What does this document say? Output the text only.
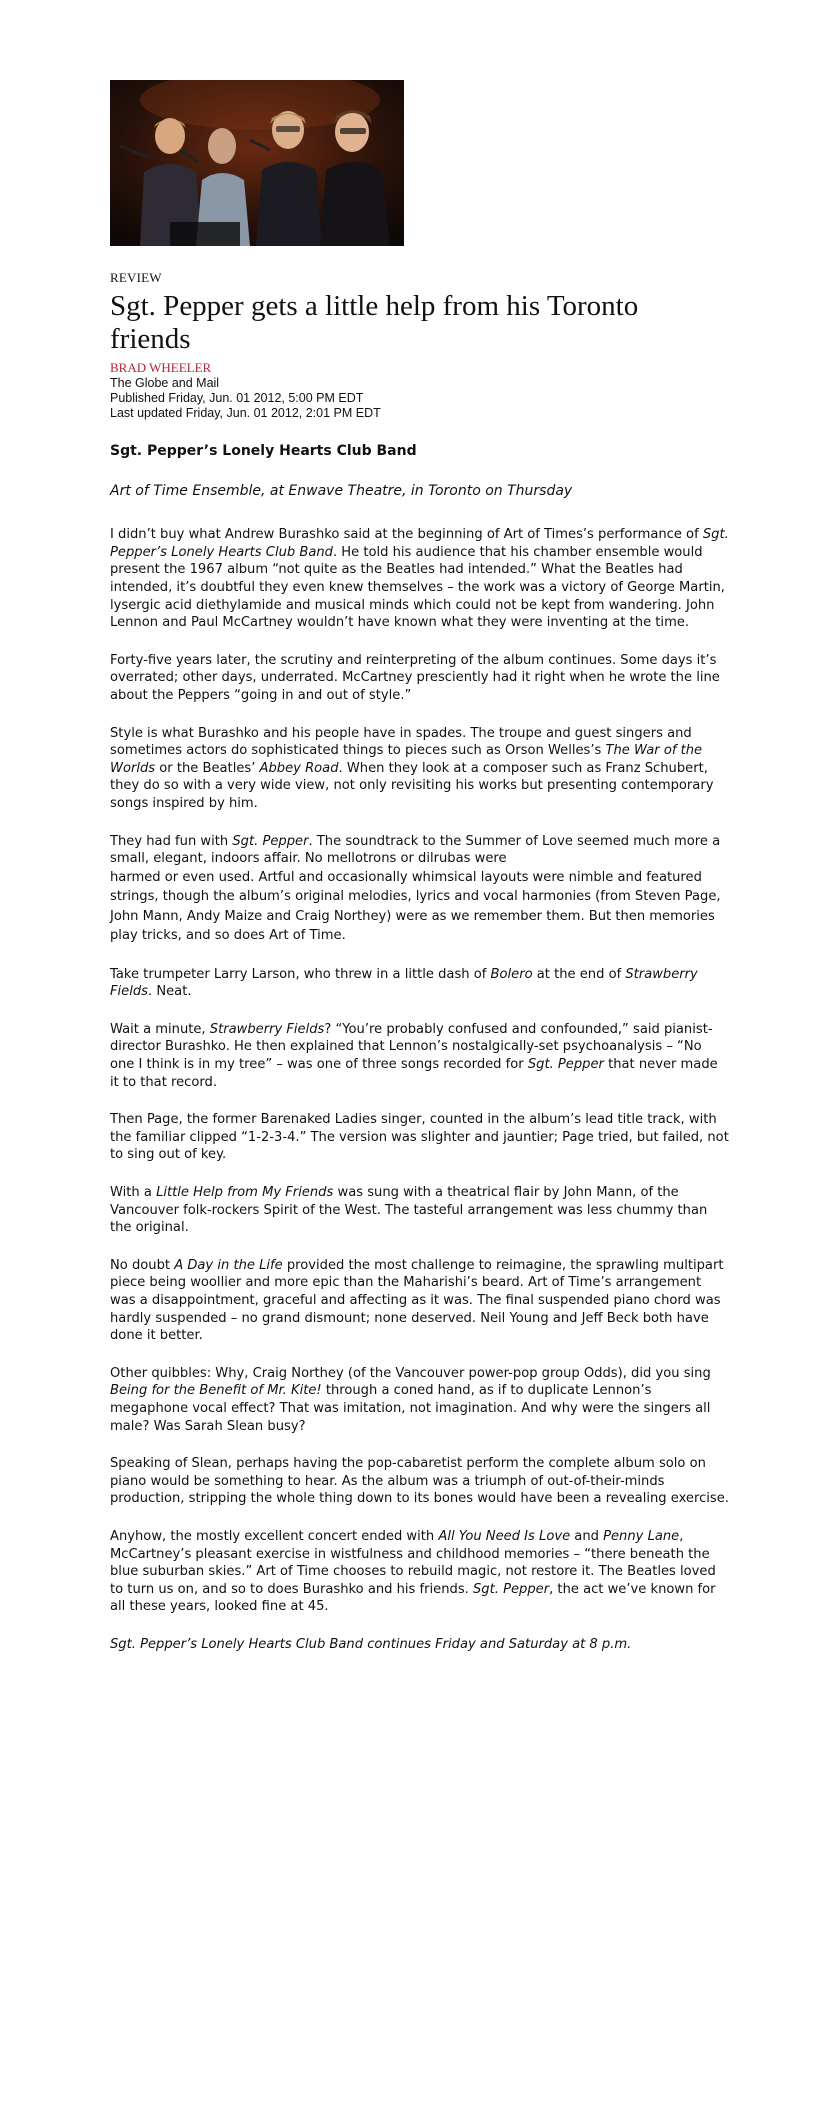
REVIEW
Sgt. Pepper gets a little help from his Toronto friends
BRAD WHEELER
The Globe and Mail
Published Friday, Jun. 01 2012, 5:00 PM EDT
Last updated Friday, Jun. 01 2012, 2:01 PM EDT
Sgt. Pepper’s Lonely Hearts Club Band
Art of Time Ensemble, at Enwave Theatre, in Toronto on Thursday

I didn’t buy what Andrew Burashko said at the beginning of Art of Times’s performance of Sgt. Pepper’s Lonely Hearts Club Band. He told his audience that his chamber ensemble would present the 1967 album “not quite as the Beatles had intended.” What the Beatles had intended, it’s doubtful they even knew themselves – the work was a victory of George Martin, lysergic acid diethylamide and musical minds which could not be kept from wandering. John Lennon and Paul McCartney wouldn’t have known what they were inventing at the time.

Forty-five years later, the scrutiny and reinterpreting of the album continues. Some days it’s overrated; other days, underrated. McCartney presciently had it right when he wrote the line about the Peppers “going in and out of style.”

Style is what Burashko and his people have in spades. The troupe and guest singers and sometimes actors do sophisticated things to pieces such as Orson Welles’s The War of the Worlds or the Beatles’ Abbey Road. When they look at a composer such as Franz Schubert, they do so with a very wide view, not only revisiting his works but presenting contemporary songs inspired by him.

They had fun with Sgt. Pepper. The soundtrack to the Summer of Love seemed much more a small, elegant, indoors affair. No mellotrons or dilrubas were

harmed or even used. Artful and occasionally whimsical layouts were nimble and featured strings, though the album’s original melodies, lyrics and vocal harmonies (from Steven Page, John Mann, Andy Maize and Craig Northey) were as we remember them. But then memories play tricks, and so does Art of Time.

Take trumpeter Larry Larson, who threw in a little dash of Bolero at the end of Strawberry Fields. Neat.

Wait a minute, Strawberry Fields? “You’re probably confused and confounded,” said pianist-director Burashko. He then explained that Lennon’s nostalgically-set psychoanalysis – “No one I think is in my tree” – was one of three songs recorded for Sgt. Pepper that never made it to that record.

Then Page, the former Barenaked Ladies singer, counted in the album’s lead title track, with the familiar clipped “1-2-3-4.” The version was slighter and jauntier; Page tried, but failed, not to sing out of key.

With a Little Help from My Friends was sung with a theatrical flair by John Mann, of the Vancouver folk-rockers Spirit of the West. The tasteful arrangement was less chummy than the original.

No doubt A Day in the Life provided the most challenge to reimagine, the sprawling multipart piece being woollier and more epic than the Maharishi’s beard. Art of Time’s arrangement was a disappointment, graceful and affecting as it was. The final suspended piano chord was hardly suspended – no grand dismount; none deserved. Neil Young and Jeff Beck both have done it better.

Other quibbles: Why, Craig Northey (of the Vancouver power-pop group Odds), did you sing Being for the Benefit of Mr. Kite! through a coned hand, as if to duplicate Lennon’s megaphone vocal effect? That was imitation, not imagination. And why were the singers all male? Was Sarah Slean busy?

Speaking of Slean, perhaps having the pop-cabaretist perform the complete album solo on piano would be something to hear. As the album was a triumph of out-of-their-minds production, stripping the whole thing down to its bones would have been a revealing exercise.

Anyhow, the mostly excellent concert ended with All You Need Is Love and Penny Lane, McCartney’s pleasant exercise in wistfulness and childhood memories – “there beneath the blue suburban skies.” Art of Time chooses to rebuild magic, not restore it. The Beatles loved to turn us on, and so to does Burashko and his friends. Sgt. Pepper, the act we’ve known for all these years, looked fine at 45.

Sgt. Pepper’s Lonely Hearts Club Band continues Friday and Saturday at 8 p.m.
